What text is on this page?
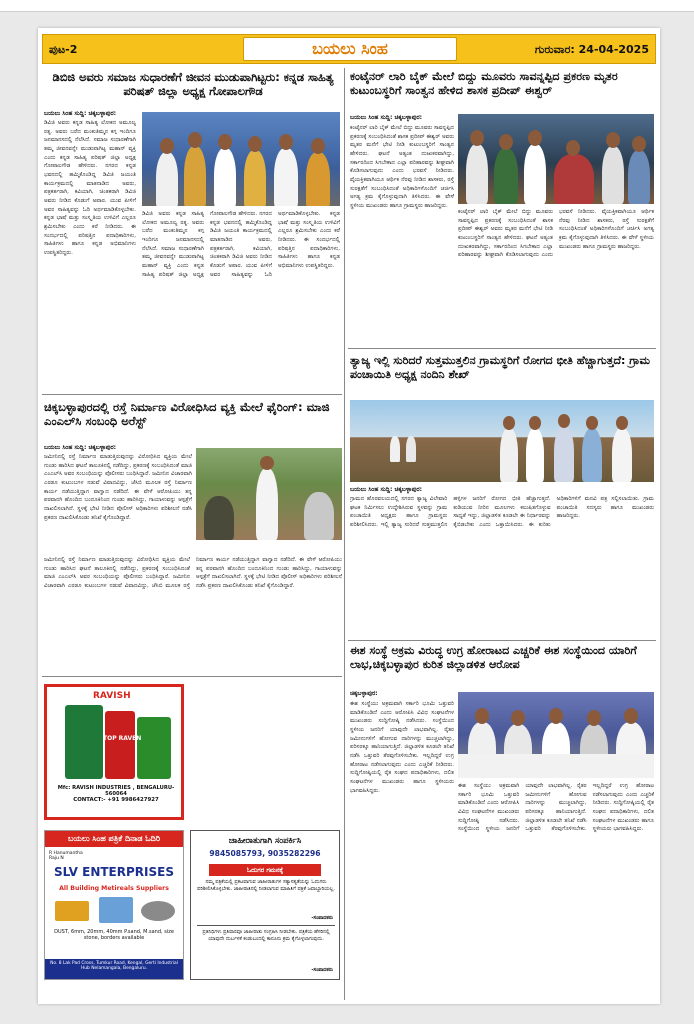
ಪುಟ-2	ಬಯಲು ಸಿಂಹ	ಗುರುವಾರ: 24-04-2025
ಡಿಬಿಜಿ ಅವರು ಸಮಾಜ ಸುಧಾರಣೆಗೆ ಜೀವನ ಮುಡುಪಾಗಿಟ್ಟರು: ಕನ್ನಡ ಸಾಹಿತ್ಯ ಪರಿಷತ್ ಜಿಲ್ಲಾ ಅಧ್ಯಕ್ಷ ಗೋಪಾಲಗೌಡ
ಬಯಲು ಸಿಂಹ ಸುದ್ದಿ: ಚಿಕ್ಕಬಳ್ಳಾಪುರ:
ಡಿವಿಜಿ ಅವರು ಕನ್ನಡ ಸಾಹಿತ್ಯ ಲೋಕದ ಅಮೂಲ್ಯ ರತ್ನ. ಅವರು ಬರೆದ ಮಂಕುತಿಮ್ಮನ ಕಗ್ಗ ಇಂದಿಗೂ ಜನಮಾನಸದಲ್ಲಿ ನೆಲೆಸಿದೆ. ಸಮಾಜ ಸುಧಾರಣೆಗಾಗಿ ತಮ್ಮ ಜೀವನವನ್ನೇ ಮುಡುಪಾಗಿಟ್ಟ ಮಹಾನ್ ವ್ಯಕ್ತಿ ಎಂದು ಕನ್ನಡ ಸಾಹಿತ್ಯ ಪರಿಷತ್ ಜಿಲ್ಲಾ ಅಧ್ಯಕ್ಷ ಗೋಪಾಲಗೌಡ ಹೇಳಿದರು. ನಗರದ ಕನ್ನಡ ಭವನದಲ್ಲಿ ಹಮ್ಮಿಕೊಂಡಿದ್ದ ಡಿವಿಜಿ ಜಯಂತಿ ಕಾರ್ಯಕ್ರಮದಲ್ಲಿ ಮಾತನಾಡಿದ ಅವರು, ಪತ್ರಕರ್ತರಾಗಿ, ಕವಿಯಾಗಿ, ಚಿಂತಕರಾಗಿ ಡಿವಿಜಿ ಅವರು ನೀಡಿದ ಕೊಡುಗೆ ಅಪಾರ. ಯುವ ಪೀಳಿಗೆ ಅವರ ಸಾಹಿತ್ಯವನ್ನು ಓದಿ ಅರ್ಥಮಾಡಿಕೊಳ್ಳಬೇಕು. ಕನ್ನಡ ಭಾಷೆ ಮತ್ತು ಸಂಸ್ಕೃತಿಯ ಉಳಿವಿಗೆ ಎಲ್ಲರೂ ಶ್ರಮಿಸಬೇಕು ಎಂದು ಕರೆ ನೀಡಿದರು. ಈ ಸಂದರ್ಭದಲ್ಲಿ ಪರಿಷತ್ತಿನ ಪದಾಧಿಕಾರಿಗಳು, ಸಾಹಿತಿಗಳು ಹಾಗೂ ಕನ್ನಡ ಅಭಿಮಾನಿಗಳು ಉಪಸ್ಥಿತರಿದ್ದರು.
ಡಿವಿಜಿ ಅವರು ಕನ್ನಡ ಸಾಹಿತ್ಯ ಲೋಕದ ಅಮೂಲ್ಯ ರತ್ನ. ಅವರು ಬರೆದ ಮಂಕುತಿಮ್ಮನ ಕಗ್ಗ ಇಂದಿಗೂ ಜನಮಾನಸದಲ್ಲಿ ನೆಲೆಸಿದೆ. ಸಮಾಜ ಸುಧಾರಣೆಗಾಗಿ ತಮ್ಮ ಜೀವನವನ್ನೇ ಮುಡುಪಾಗಿಟ್ಟ ಮಹಾನ್ ವ್ಯಕ್ತಿ ಎಂದು ಕನ್ನಡ ಸಾಹಿತ್ಯ ಪರಿಷತ್ ಜಿಲ್ಲಾ ಅಧ್ಯಕ್ಷ ಗೋಪಾಲಗೌಡ ಹೇಳಿದರು. ನಗರದ ಕನ್ನಡ ಭವನದಲ್ಲಿ ಹಮ್ಮಿಕೊಂಡಿದ್ದ ಡಿವಿಜಿ ಜಯಂತಿ ಕಾರ್ಯಕ್ರಮದಲ್ಲಿ ಮಾತನಾಡಿದ ಅವರು, ಪತ್ರಕರ್ತರಾಗಿ, ಕವಿಯಾಗಿ, ಚಿಂತಕರಾಗಿ ಡಿವಿಜಿ ಅವರು ನೀಡಿದ ಕೊಡುಗೆ ಅಪಾರ. ಯುವ ಪೀಳಿಗೆ ಅವರ ಸಾಹಿತ್ಯವನ್ನು ಓದಿ ಅರ್ಥಮಾಡಿಕೊಳ್ಳಬೇಕು. ಕನ್ನಡ ಭಾಷೆ ಮತ್ತು ಸಂಸ್ಕೃತಿಯ ಉಳಿವಿಗೆ ಎಲ್ಲರೂ ಶ್ರಮಿಸಬೇಕು ಎಂದು ಕರೆ ನೀಡಿದರು. ಈ ಸಂದರ್ಭದಲ್ಲಿ ಪರಿಷತ್ತಿನ ಪದಾಧಿಕಾರಿಗಳು, ಸಾಹಿತಿಗಳು ಹಾಗೂ ಕನ್ನಡ ಅಭಿಮಾನಿಗಳು ಉಪಸ್ಥಿತರಿದ್ದರು.
ಕಂಟೈನರ್ ಲಾರಿ ಬೈಕ್ ಮೇಲೆ ಬಿದ್ದು ಮೂವರು ಸಾವನ್ನಪ್ಪಿದ ಪ್ರಕರಣ ಮೃತರ ಕುಟುಂಬಸ್ಥರಿಗೆ ಸಾಂತ್ವನ ಹೇಳಿದ ಶಾಸಕ ಪ್ರದೀಪ್ ಈಶ್ವರ್
ಬಯಲು ಸಿಂಹ ಸುದ್ದಿ: ಚಿಕ್ಕಬಳ್ಳಾಪುರ:
ಕಂಟೈನರ್ ಲಾರಿ ಬೈಕ್ ಮೇಲೆ ಬಿದ್ದು ಮೂವರು ಸಾವನ್ನಪ್ಪಿದ ಪ್ರಕರಣಕ್ಕೆ ಸಂಬಂಧಿಸಿದಂತೆ ಶಾಸಕ ಪ್ರದೀಪ್ ಈಶ್ವರ್ ಅವರು ಮೃತರ ಮನೆಗೆ ಭೇಟಿ ನೀಡಿ ಕುಟುಂಬಸ್ಥರಿಗೆ ಸಾಂತ್ವನ ಹೇಳಿದರು. ಘಟನೆ ಅತ್ಯಂತ ದುಃಖಕರವಾಗಿದ್ದು, ಸರ್ಕಾರದಿಂದ ಸಿಗಬೇಕಾದ ಎಲ್ಲಾ ಪರಿಹಾರವನ್ನು ಶೀಘ್ರವಾಗಿ ಕೊಡಿಸಲಾಗುವುದು ಎಂದು ಭರವಸೆ ನೀಡಿದರು. ವೈಯಕ್ತಿಕವಾಗಿಯೂ ಆರ್ಥಿಕ ನೆರವು ನೀಡಿದ ಶಾಸಕರು, ರಸ್ತೆ ಸುರಕ್ಷತೆಗೆ ಸಂಬಂಧಿಸಿದಂತೆ ಅಧಿಕಾರಿಗಳೊಂದಿಗೆ ಚರ್ಚಿಸಿ ಅಗತ್ಯ ಕ್ರಮ ಕೈಗೊಳ್ಳುವುದಾಗಿ ತಿಳಿಸಿದರು. ಈ ವೇಳೆ ಸ್ಥಳೀಯ ಮುಖಂಡರು ಹಾಗೂ ಗ್ರಾಮಸ್ಥರು ಹಾಜರಿದ್ದರು.
ಕಂಟೈನರ್ ಲಾರಿ ಬೈಕ್ ಮೇಲೆ ಬಿದ್ದು ಮೂವರು ಸಾವನ್ನಪ್ಪಿದ ಪ್ರಕರಣಕ್ಕೆ ಸಂಬಂಧಿಸಿದಂತೆ ಶಾಸಕ ಪ್ರದೀಪ್ ಈಶ್ವರ್ ಅವರು ಮೃತರ ಮನೆಗೆ ಭೇಟಿ ನೀಡಿ ಕುಟುಂಬಸ್ಥರಿಗೆ ಸಾಂತ್ವನ ಹೇಳಿದರು. ಘಟನೆ ಅತ್ಯಂತ ದುಃಖಕರವಾಗಿದ್ದು, ಸರ್ಕಾರದಿಂದ ಸಿಗಬೇಕಾದ ಎಲ್ಲಾ ಪರಿಹಾರವನ್ನು ಶೀಘ್ರವಾಗಿ ಕೊಡಿಸಲಾಗುವುದು ಎಂದು ಭರವಸೆ ನೀಡಿದರು. ವೈಯಕ್ತಿಕವಾಗಿಯೂ ಆರ್ಥಿಕ ನೆರವು ನೀಡಿದ ಶಾಸಕರು, ರಸ್ತೆ ಸುರಕ್ಷತೆಗೆ ಸಂಬಂಧಿಸಿದಂತೆ ಅಧಿಕಾರಿಗಳೊಂದಿಗೆ ಚರ್ಚಿಸಿ ಅಗತ್ಯ ಕ್ರಮ ಕೈಗೊಳ್ಳುವುದಾಗಿ ತಿಳಿಸಿದರು. ಈ ವೇಳೆ ಸ್ಥಳೀಯ ಮುಖಂಡರು ಹಾಗೂ ಗ್ರಾಮಸ್ಥರು ಹಾಜರಿದ್ದರು.
ತ್ಯಾಜ್ಯ ಇಲ್ಲಿ ಸುರಿದರೆ ಸುತ್ತಮುತ್ತಲಿನ ಗ್ರಾಮಸ್ಥರಿಗೆ ರೋಗದ ಭೀತಿ ಹೆಚ್ಚಾಗುತ್ತದೆ: ಗ್ರಾಮ ಪಂಚಾಯಿತಿ ಅಧ್ಯಕ್ಷ ನಂದಿನಿ ಶೇಖ್
ಬಯಲು ಸಿಂಹ ಸುದ್ದಿ: ಚಿಕ್ಕಬಳ್ಳಾಪುರ:
ಗ್ರಾಮದ ಹೊರವಲಯದಲ್ಲಿ ನಗರದ ತ್ಯಾಜ್ಯ ವಿಲೇವಾರಿ ಘಟಕ ನಿರ್ಮಿಸಲು ಉದ್ದೇಶಿಸಿರುವ ಸ್ಥಳವನ್ನು ಗ್ರಾಮ ಪಂಚಾಯಿತಿ ಅಧ್ಯಕ್ಷರು ಹಾಗೂ ಗ್ರಾಮಸ್ಥರು ಪರಿಶೀಲಿಸಿದರು. ಇಲ್ಲಿ ತ್ಯಾಜ್ಯ ಸುರಿದರೆ ಸುತ್ತಮುತ್ತಲಿನ ಹಳ್ಳಿಗಳ ಜನರಿಗೆ ರೋಗದ ಭೀತಿ ಹೆಚ್ಚಾಗುತ್ತದೆ. ಕುಡಿಯುವ ನೀರಿನ ಮೂಲಗಳು ಕಲುಷಿತಗೊಳ್ಳುವ ಸಾಧ್ಯತೆ ಇದ್ದು, ಜಿಲ್ಲಾಡಳಿತ ಕೂಡಲೇ ಈ ನಿರ್ಧಾರವನ್ನು ಕೈಬಿಡಬೇಕು ಎಂದು ಒತ್ತಾಯಿಸಿದರು. ಈ ಕುರಿತು ಅಧಿಕಾರಿಗಳಿಗೆ ಮನವಿ ಪತ್ರ ಸಲ್ಲಿಸಲಾಯಿತು. ಗ್ರಾಮ ಪಂಚಾಯಿತಿ ಸದಸ್ಯರು ಹಾಗೂ ಮುಖಂಡರು ಹಾಜರಿದ್ದರು.
ಚಿಕ್ಕಬಳ್ಳಾಪುರದಲ್ಲಿ ರಸ್ತೆ ನಿರ್ಮಾಣ ವಿರೋಧಿಸಿದ ವ್ಯಕ್ತಿ ಮೇಲೆ ಫೈರಿಂಗ್: ಮಾಜಿ ಎಂಎಲ್‌ಸಿ ಸಂಬಂಧಿ ಅರೆಸ್ಟ್
ಬಯಲು ಸಿಂಹ ಸುದ್ದಿ: ಚಿಕ್ಕಬಳ್ಳಾಪುರ:
ಜಮೀನಿನಲ್ಲಿ ರಸ್ತೆ ನಿರ್ಮಾಣ ಮಾಡುತ್ತಿರುವುದನ್ನು ವಿರೋಧಿಸಿದ ವ್ಯಕ್ತಿಯ ಮೇಲೆ ಗುಂಡು ಹಾರಿಸಿದ ಘಟನೆ ತಾಲೂಕಿನಲ್ಲಿ ನಡೆದಿದ್ದು, ಪ್ರಕರಣಕ್ಕೆ ಸಂಬಂಧಿಸಿದಂತೆ ಮಾಜಿ ಎಂಎಲ್‌ಸಿ ಅವರ ಸಂಬಂಧಿಯನ್ನು ಪೊಲೀಸರು ಬಂಧಿಸಿದ್ದಾರೆ. ಜಮೀನಿನ ವಿಚಾರವಾಗಿ ಎರಡೂ ಕುಟುಂಬಗಳ ನಡುವೆ ವಿವಾದವಿದ್ದು, ಜೆಸಿಬಿ ಮೂಲಕ ರಸ್ತೆ ನಿರ್ಮಾಣ ಕಾರ್ಯ ನಡೆಯುತ್ತಿದ್ದಾಗ ವಾಗ್ವಾದ ನಡೆದಿದೆ. ಈ ವೇಳೆ ಆರೋಪಿಯು ತನ್ನ ಪರವಾನಗಿ ಹೊಂದಿದ ಬಂದೂಕಿನಿಂದ ಗುಂಡು ಹಾರಿಸಿದ್ದು, ಗಾಯಾಳುವನ್ನು ಆಸ್ಪತ್ರೆಗೆ ದಾಖಲಿಸಲಾಗಿದೆ. ಸ್ಥಳಕ್ಕೆ ಭೇಟಿ ನೀಡಿದ ಪೊಲೀಸ್ ಅಧಿಕಾರಿಗಳು ಪರಿಶೀಲನೆ ನಡೆಸಿ ಪ್ರಕರಣ ದಾಖಲಿಸಿಕೊಂಡು ತನಿಖೆ ಕೈಗೊಂಡಿದ್ದಾರೆ.
ಜಮೀನಿನಲ್ಲಿ ರಸ್ತೆ ನಿರ್ಮಾಣ ಮಾಡುತ್ತಿರುವುದನ್ನು ವಿರೋಧಿಸಿದ ವ್ಯಕ್ತಿಯ ಮೇಲೆ ಗುಂಡು ಹಾರಿಸಿದ ಘಟನೆ ತಾಲೂಕಿನಲ್ಲಿ ನಡೆದಿದ್ದು, ಪ್ರಕರಣಕ್ಕೆ ಸಂಬಂಧಿಸಿದಂತೆ ಮಾಜಿ ಎಂಎಲ್‌ಸಿ ಅವರ ಸಂಬಂಧಿಯನ್ನು ಪೊಲೀಸರು ಬಂಧಿಸಿದ್ದಾರೆ. ಜಮೀನಿನ ವಿಚಾರವಾಗಿ ಎರಡೂ ಕುಟುಂಬಗಳ ನಡುವೆ ವಿವಾದವಿದ್ದು, ಜೆಸಿಬಿ ಮೂಲಕ ರಸ್ತೆ ನಿರ್ಮಾಣ ಕಾರ್ಯ ನಡೆಯುತ್ತಿದ್ದಾಗ ವಾಗ್ವಾದ ನಡೆದಿದೆ. ಈ ವೇಳೆ ಆರೋಪಿಯು ತನ್ನ ಪರವಾನಗಿ ಹೊಂದಿದ ಬಂದೂಕಿನಿಂದ ಗುಂಡು ಹಾರಿಸಿದ್ದು, ಗಾಯಾಳುವನ್ನು ಆಸ್ಪತ್ರೆಗೆ ದಾಖಲಿಸಲಾಗಿದೆ. ಸ್ಥಳಕ್ಕೆ ಭೇಟಿ ನೀಡಿದ ಪೊಲೀಸ್ ಅಧಿಕಾರಿಗಳು ಪರಿಶೀಲನೆ ನಡೆಸಿ ಪ್ರಕರಣ ದಾಖಲಿಸಿಕೊಂಡು ತನಿಖೆ ಕೈಗೊಂಡಿದ್ದಾರೆ.
ಈಶ ಸಂಸ್ಥೆ ಅಕ್ರಮ ವಿರುದ್ಧ ಉಗ್ರ ಹೋರಾಟದ ಎಚ್ಚರಿಕೆ ಈಶ ಸಂಸ್ಥೆಯಿಂದ ಯಾರಿಗೆ ಲಾಭ,ಚಿಕ್ಕಬಳ್ಳಾಪುರ ಕುರಿತ ಜಿಲ್ಲಾಡಳಿತ ಆರೋಪ
ಚಿಕ್ಕಬಳ್ಳಾಪುರ:
ಈಶ ಸಂಸ್ಥೆಯು ಅಕ್ರಮವಾಗಿ ಸರ್ಕಾರಿ ಭೂಮಿ ಒತ್ತುವರಿ ಮಾಡಿಕೊಂಡಿದೆ ಎಂದು ಆರೋಪಿಸಿ ವಿವಿಧ ಸಂಘಟನೆಗಳ ಮುಖಂಡರು ಸುದ್ದಿಗೋಷ್ಠಿ ನಡೆಸಿದರು. ಸಂಸ್ಥೆಯಿಂದ ಸ್ಥಳೀಯ ಜನರಿಗೆ ಯಾವುದೇ ಲಾಭವಾಗಿಲ್ಲ. ರೈತರ ಜಮೀನುಗಳಿಗೆ ಹೋಗುವ ದಾರಿಗಳನ್ನು ಮುಚ್ಚಲಾಗಿದ್ದು, ಪರಿಸರಕ್ಕೂ ಹಾನಿಯಾಗುತ್ತಿದೆ. ಜಿಲ್ಲಾಡಳಿತ ಕೂಡಲೇ ತನಿಖೆ ನಡೆಸಿ ಒತ್ತುವರಿ ತೆರವುಗೊಳಿಸಬೇಕು. ಇಲ್ಲದಿದ್ದರೆ ಉಗ್ರ ಹೋರಾಟ ನಡೆಸಲಾಗುವುದು ಎಂದು ಎಚ್ಚರಿಕೆ ನೀಡಿದರು. ಸುದ್ದಿಗೋಷ್ಠಿಯಲ್ಲಿ ರೈತ ಸಂಘದ ಪದಾಧಿಕಾರಿಗಳು, ದಲಿತ ಸಂಘಟನೆಗಳ ಮುಖಂಡರು ಹಾಗೂ ಸ್ಥಳೀಯರು ಭಾಗವಹಿಸಿದ್ದರು.
ಈಶ ಸಂಸ್ಥೆಯು ಅಕ್ರಮವಾಗಿ ಸರ್ಕಾರಿ ಭೂಮಿ ಒತ್ತುವರಿ ಮಾಡಿಕೊಂಡಿದೆ ಎಂದು ಆರೋಪಿಸಿ ವಿವಿಧ ಸಂಘಟನೆಗಳ ಮುಖಂಡರು ಸುದ್ದಿಗೋಷ್ಠಿ ನಡೆಸಿದರು. ಸಂಸ್ಥೆಯಿಂದ ಸ್ಥಳೀಯ ಜನರಿಗೆ ಯಾವುದೇ ಲಾಭವಾಗಿಲ್ಲ. ರೈತರ ಜಮೀನುಗಳಿಗೆ ಹೋಗುವ ದಾರಿಗಳನ್ನು ಮುಚ್ಚಲಾಗಿದ್ದು, ಪರಿಸರಕ್ಕೂ ಹಾನಿಯಾಗುತ್ತಿದೆ. ಜಿಲ್ಲಾಡಳಿತ ಕೂಡಲೇ ತನಿಖೆ ನಡೆಸಿ ಒತ್ತುವರಿ ತೆರವುಗೊಳಿಸಬೇಕು. ಇಲ್ಲದಿದ್ದರೆ ಉಗ್ರ ಹೋರಾಟ ನಡೆಸಲಾಗುವುದು ಎಂದು ಎಚ್ಚರಿಕೆ ನೀಡಿದರು. ಸುದ್ದಿಗೋಷ್ಠಿಯಲ್ಲಿ ರೈತ ಸಂಘದ ಪದಾಧಿಕಾರಿಗಳು, ದಲಿತ ಸಂಘಟನೆಗಳ ಮುಖಂಡರು ಹಾಗೂ ಸ್ಥಳೀಯರು ಭಾಗವಹಿಸಿದ್ದರು.
RAVISH
TOP RAVEN
Mfc: RAVISH INDUSTRIES , BENGALURU-560064
CONTACT:- +91 9986427927
ಬಯಲು ಸಿಂಹ ಪತ್ರಿಕೆ ದಿನಾಡ ಓದಿರಿ
R Hanumantha Raju N
SLV ENTERPRISES
All Building Metireals Suppliers
DUST, 6mm, 20mm, 40mm P.sand, M.sand, size stone, borders available
No. 8 Lak Pad Cross, Tumkur Road, Kengal, Gerti Industrial Hub Nelamangala, Bengaluru.
ಜಾಹೀರಾತುಗಾಗಿ ಸಂಪರ್ಕಿಸಿ
9845085793, 9035282296
ಓದುಗರ ಗಮನಕ್ಕೆ
ನಮ್ಮ ಪತ್ರಿಕೆಯಲ್ಲಿ ಪ್ರಕಟವಾಗುವ ಜಾಹೀರಾತುಗಳ ಸತ್ಯಾಸತ್ಯತೆಯನ್ನು ಓದುಗರು ಪರಿಶೀಲಿಸಿಕೊಳ್ಳಬೇಕು. ಜಾಹೀರಾತಿನಲ್ಲಿ ನೀಡಲಾಗುವ ಮಾಹಿತಿಗೆ ಪತ್ರಿಕೆ ಜವಾಬ್ದಾರಿಯಲ್ಲ.
-ಸಂಪಾದಕರು
ಪ್ರತಿನಿಧಿಗಳು ಪ್ರತಿವಾರವೂ ಜಾಹೀರಾತು ಸಂಗ್ರಹಿಸಿ ನೀಡಬೇಕು. ಪತ್ರಿಕೆಯ ಹೆಸರಿನಲ್ಲಿ ಯಾವುದೇ ದುರ್ಬಳಕೆ ಕಂಡುಬಂದಲ್ಲಿ ಕಾನೂನು ಕ್ರಮ ಕೈಗೊಳ್ಳಲಾಗುವುದು.
-ಸಂಪಾದಕರು
